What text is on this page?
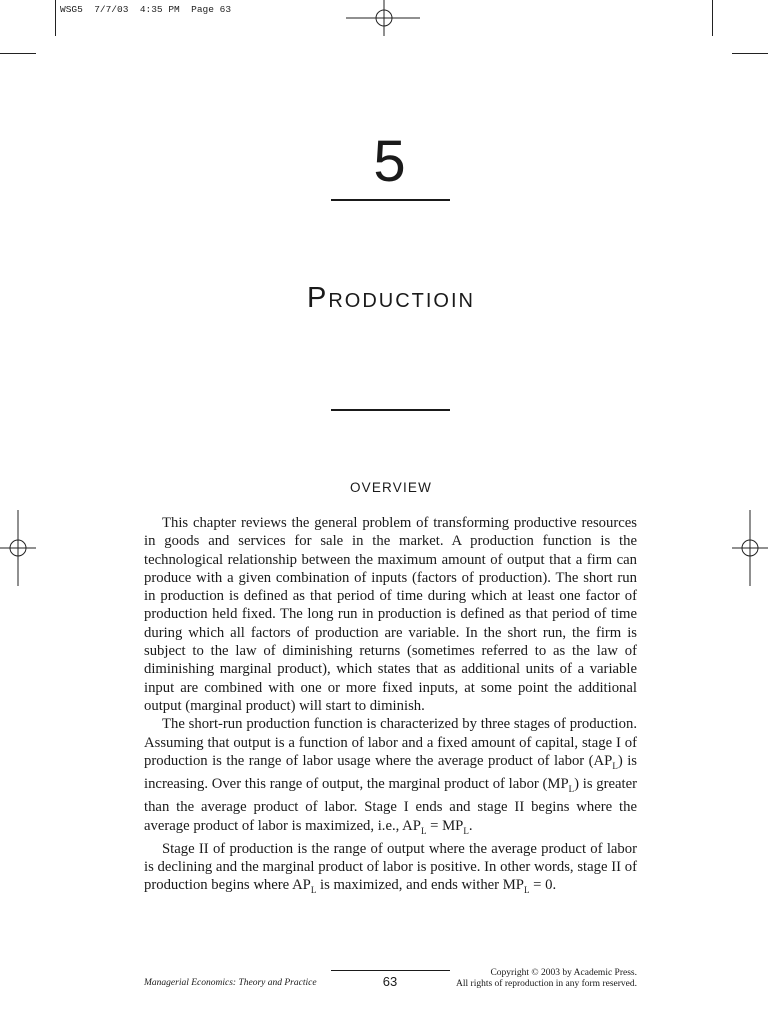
WSG5  7/7/03  4:35 PM  Page 63
5
Productioin
OVERVIEW

This chapter reviews the general problem of transforming productive resources in goods and services for sale in the market. A production function is the technological relationship between the maximum amount of output that a firm can produce with a given combination of inputs (factors of production). The short run in production is defined as that period of time during which at least one factor of production held fixed. The long run in production is defined as that period of time during which all factors of production are variable. In the short run, the firm is subject to the law of diminishing returns (sometimes referred to as the law of diminishing marginal product), which states that as additional units of a variable input are combined with one or more fixed inputs, at some point the additional output (marginal product) will start to diminish.

The short-run production function is characterized by three stages of production. Assuming that output is a function of labor and a fixed amount of capital, stage I of production is the range of labor usage where the average product of labor $(AP_L)$ is increasing. Over this range of output, the marginal product of labor $(MP_L)$ is greater than the average product of labor. Stage I ends and stage II begins where the average product of labor is maximized, i.e., $AP_L = MP_L$.

Stage II of production is the range of output where the average product of labor is declining and the marginal product of labor is positive. In other words, stage II of production begins where $AP_L$ is maximized, and ends wither $MP_L = 0$.

Managerial Economics: Theory and Practice	63
Copyright © 2003 by Academic Press.
All rights of reproduction in any form reserved.
